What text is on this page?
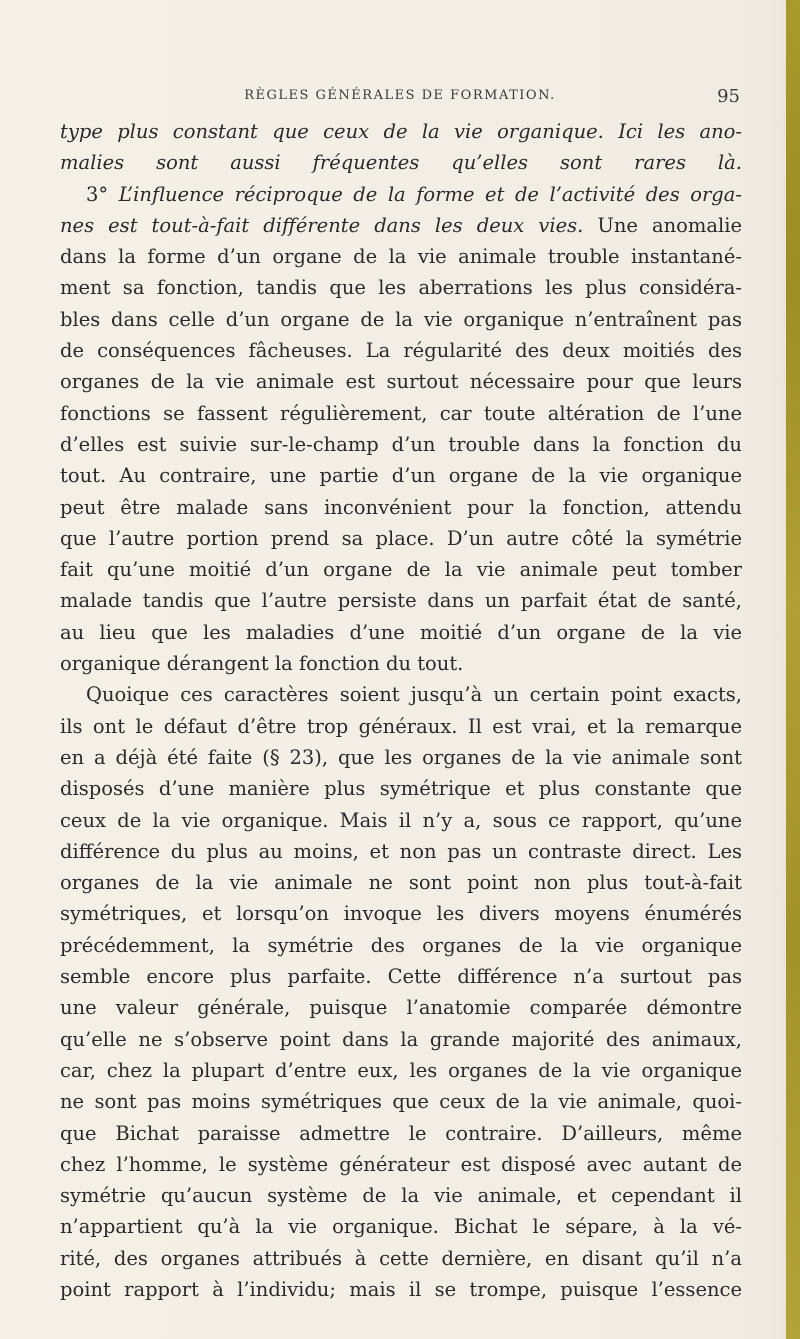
RÈGLES GÉNÉRALES DE FORMATION.	95
type plus constant que ceux de la vie organique. Ici les ano-
malies sont aussi fréquentes qu’elles sont rares là.
3° L’influence réciproque de la forme et de l’activité des orga-
nes est tout-à-fait différente dans les deux vies. Une anomalie
dans la forme d’un organe de la vie animale trouble instantané-
ment sa fonction, tandis que les aberrations les plus considéra-
bles dans celle d’un organe de la vie organique n’entraînent pas
de conséquences fâcheuses. La régularité des deux moitiés des
organes de la vie animale est surtout nécessaire pour que leurs
fonctions se fassent régulièrement, car toute altération de l’une
d’elles est suivie sur-le-champ d’un trouble dans la fonction du
tout. Au contraire, une partie d’un organe de la vie organique
peut être malade sans inconvénient pour la fonction, attendu
que l’autre portion prend sa place. D’un autre côté la symétrie
fait qu’une moitié d’un organe de la vie animale peut tomber
malade tandis que l’autre persiste dans un parfait état de santé,
au lieu que les maladies d’une moitié d’un organe de la vie
organique dérangent la fonction du tout.
Quoique ces caractères soient jusqu’à un certain point exacts,
ils ont le défaut d’être trop généraux. Il est vrai, et la remarque
en a déjà été faite (§ 23), que les organes de la vie animale sont
disposés d’une manière plus symétrique et plus constante que
ceux de la vie organique. Mais il n’y a, sous ce rapport, qu’une
différence du plus au moins, et non pas un contraste direct. Les
organes de la vie animale ne sont point non plus tout-à-fait
symétriques, et lorsqu’on invoque les divers moyens énumérés
précédemment, la symétrie des organes de la vie organique
semble encore plus parfaite. Cette différence n’a surtout pas
une valeur générale, puisque l’anatomie comparée démontre
qu’elle ne s’observe point dans la grande majorité des animaux,
car, chez la plupart d’entre eux, les organes de la vie organique
ne sont pas moins symétriques que ceux de la vie animale, quoi-
que Bichat paraisse admettre le contraire. D’ailleurs, même
chez l’homme, le système générateur est disposé avec autant de
symétrie qu’aucun système de la vie animale, et cependant il
n’appartient qu’à la vie organique. Bichat le sépare, à la vé-
rité, des organes attribués à cette dernière, en disant qu’il n’a
point rapport à l’individu; mais il se trompe, puisque l’essence
